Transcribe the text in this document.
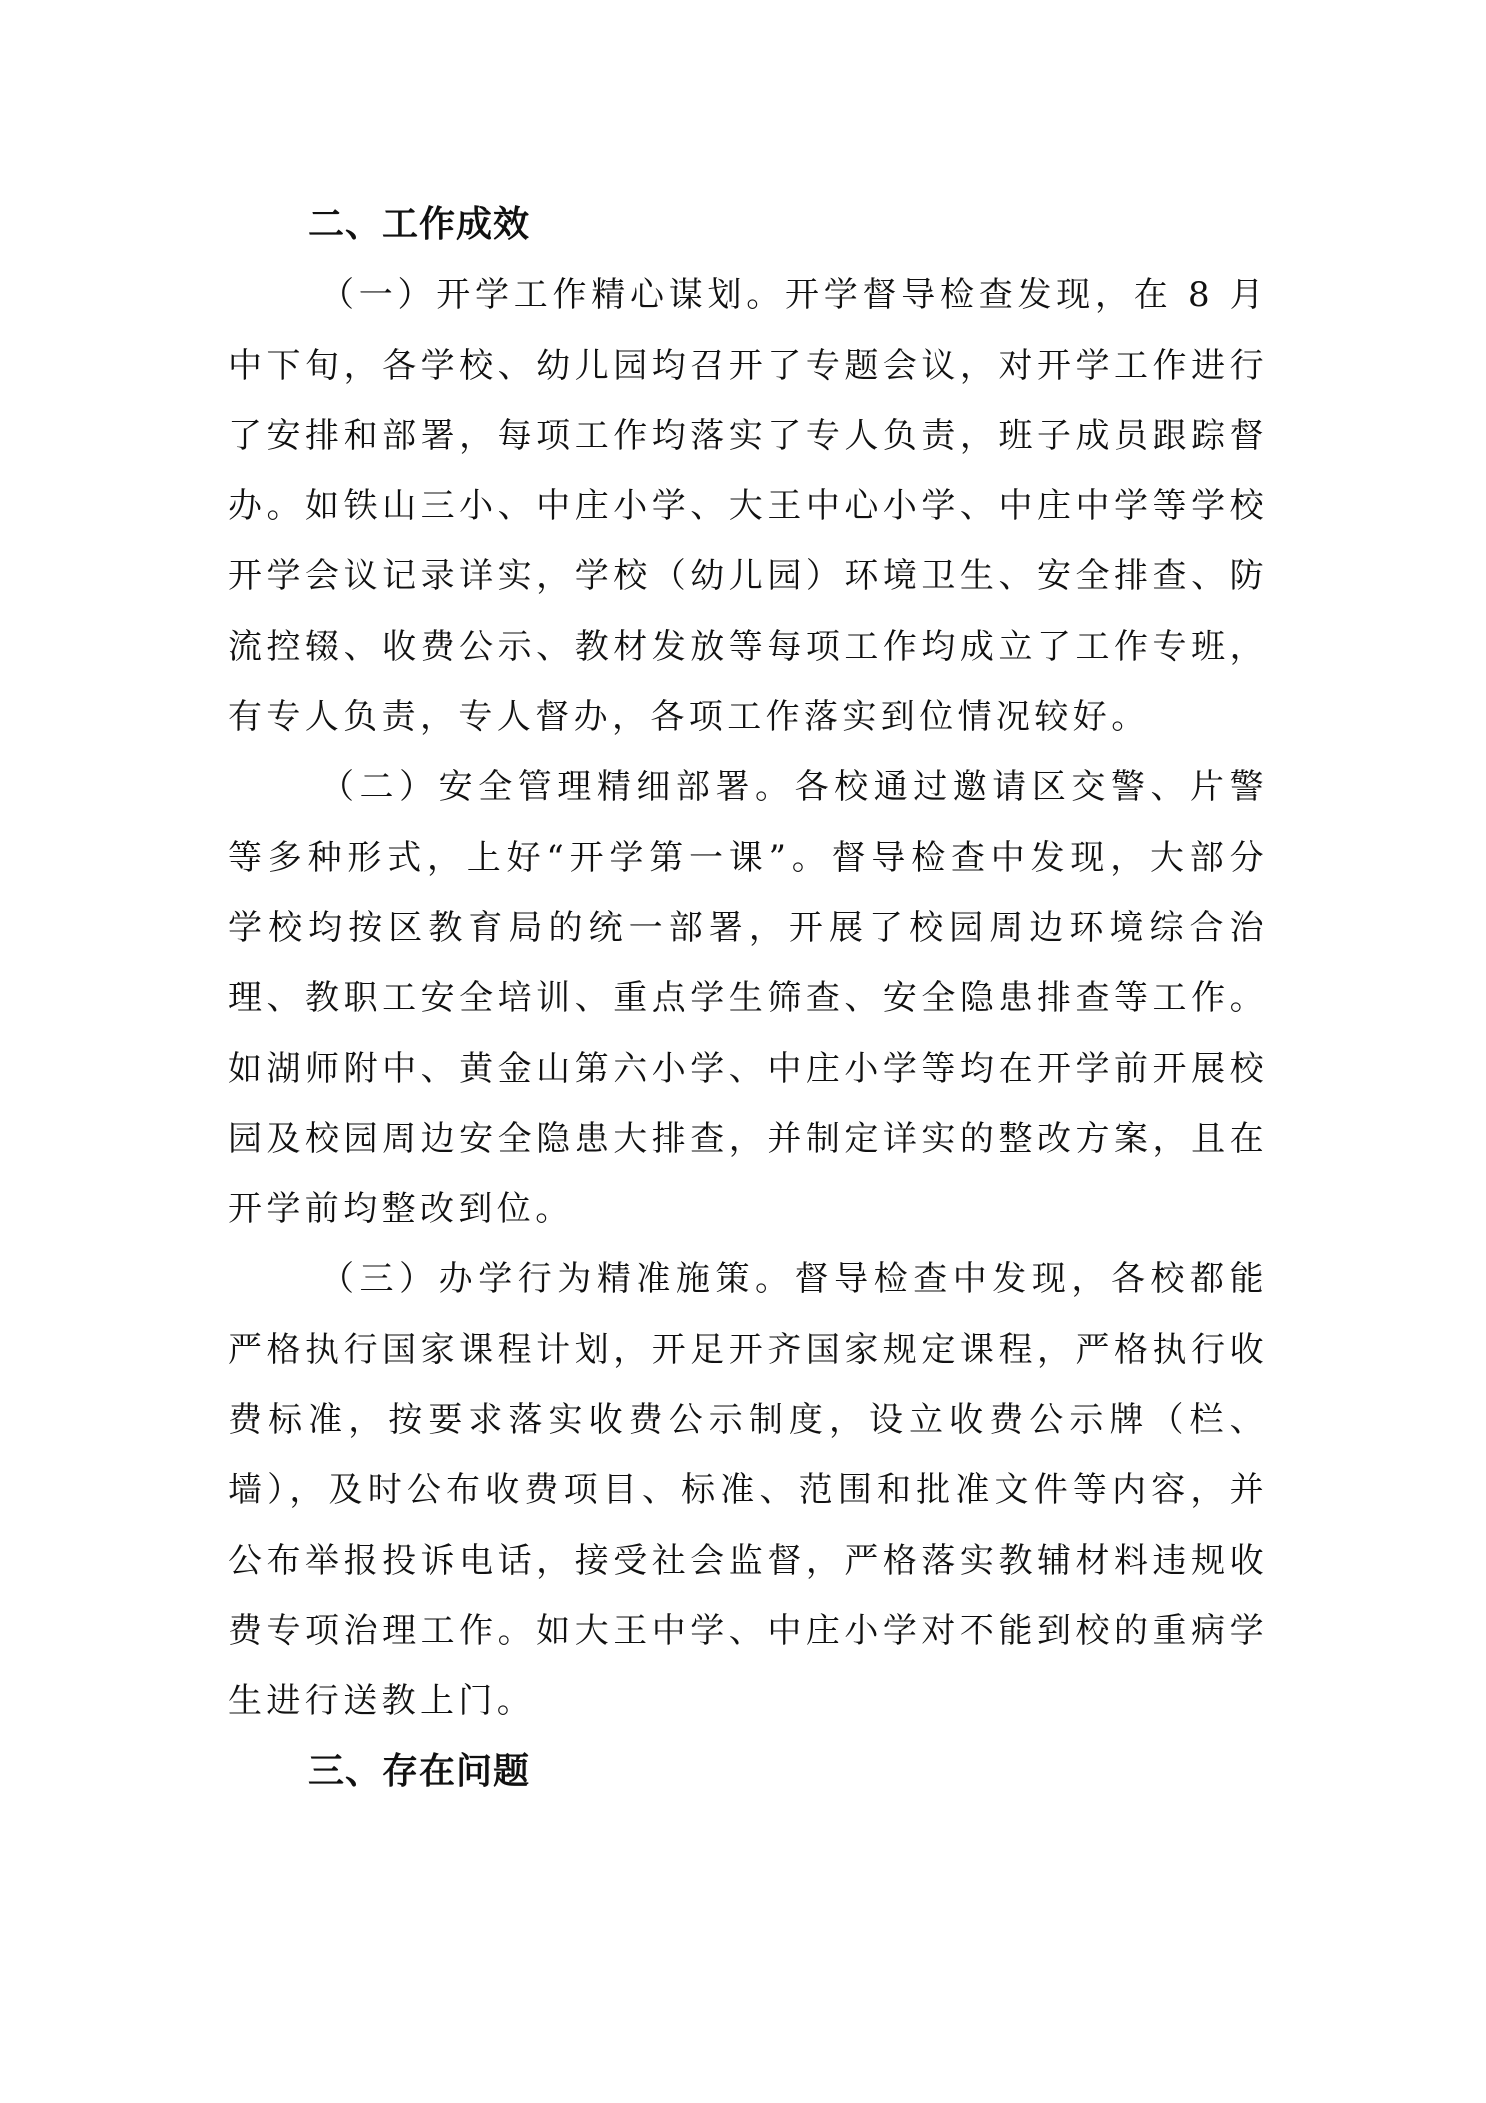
二、工作成效

（一）开学工作精心谋划。开学督导检查发现，在 8 月中下旬，各学校、幼儿园均召开了专题会议，对开学工作进行了安排和部署，每项工作均落实了专人负责，班子成员跟踪督办。如铁山三小、中庄小学、大王中心小学、中庄中学等学校开学会议记录详实，学校（幼儿园）环境卫生、安全排查、防流控辍、收费公示、教材发放等每项工作均成立了工作专班，有专人负责，专人督办，各项工作落实到位情况较好。

（二）安全管理精细部署。各校通过邀请区交警、片警等多种形式，上好“开学第一课”。督导检查中发现，大部分学校均按区教育局的统一部署，开展了校园周边环境综合治理、教职工安全培训、重点学生筛查、安全隐患排查等工作。如湖师附中、黄金山第六小学、中庄小学等均在开学前开展校园及校园周边安全隐患大排查，并制定详实的整改方案，且在开学前均整改到位。

（三）办学行为精准施策。督导检查中发现，各校都能严格执行国家课程计划，开足开齐国家规定课程，严格执行收费标准，按要求落实收费公示制度，设立收费公示牌（栏、墙），及时公布收费项目、标准、范围和批准文件等内容，并公布举报投诉电话，接受社会监督，严格落实教辅材料违规收费专项治理工作。如大王中学、中庄小学对不能到校的重病学生进行送教上门。

三、存在问题
